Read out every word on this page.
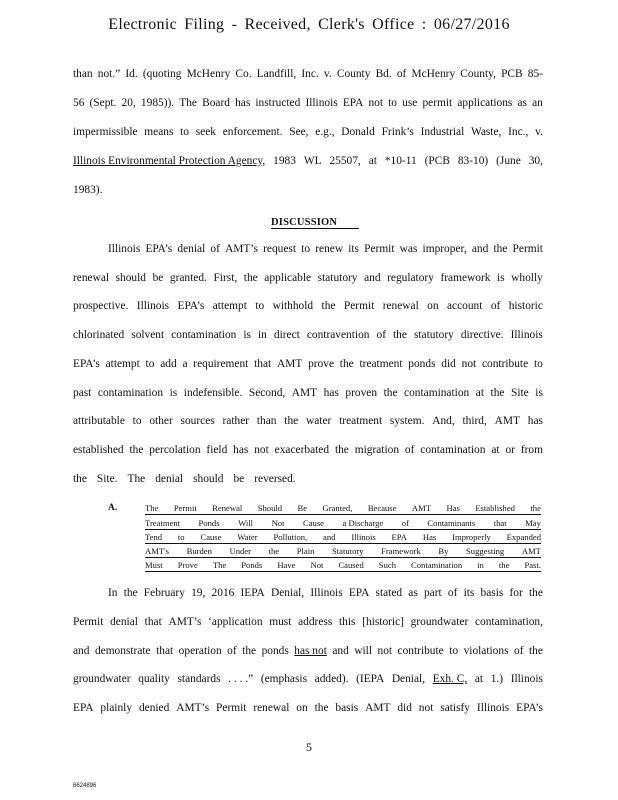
Electronic Filing - Received, Clerk's Office : 06/27/2016
than not.” Id. (quoting McHenry Co. Landfill, Inc. v. County Bd. of McHenry County, PCB 85-
56 (Sept. 20, 1985)). The Board has instructed Illinois EPA not to use permit applications as an
impermissible means to seek enforcement. See, e.g., Donald Frink’s Industrial Waste, Inc., v.
Illinois Environmental Protection Agency, 1983 WL 25507, at *10-11 (PCB 83-10) (June 30,
1983).
DISCUSSION
Illinois EPA’s denial of AMT’s request to renew its Permit was improper, and the Permit
renewal should be granted. First, the applicable statutory and regulatory framework is wholly
prospective. Illinois EPA’s attempt to withhold the Permit renewal on account of historic
chlorinated solvent contamination is in direct contravention of the statutory directive. Illinois
EPA’s attempt to add a requirement that AMT prove the treatment ponds did not contribute to
past contamination is indefensible. Second, AMT has proven the contamination at the Site is
attributable to other sources rather than the water treatment system. And, third, AMT has
established the percolation field has not exacerbated the migration of contamination at or from
the Site. The denial should be reversed.
A.	The Permit Renewal Should Be Granted, Because AMT Has Established the
Treatment Ponds Will Not Cause a Discharge of Contaminants that May
Tend to Cause Water Pollution, and Illinois EPA Has Improperly Expanded
AMT's Burden Under the Plain Statutory Framework By Suggesting AMT
Must Prove The Ponds Have Not Caused Such Contamination in the Past.
In the February 19, 2016 IEPA Denial, Illinois EPA stated as part of its basis for the
Permit denial that AMT’s ‘application must address this [historic] groundwater contamination,
and demonstrate that operation of the ponds has not and will not contribute to violations of the
groundwater quality standards . . . .” (emphasis added). (IEPA Denial, Exh. C, at 1.) Illinois
EPA plainly denied AMT’s Permit renewal on the basis AMT did not satisfy Illinois EPA’s
5
6624896
